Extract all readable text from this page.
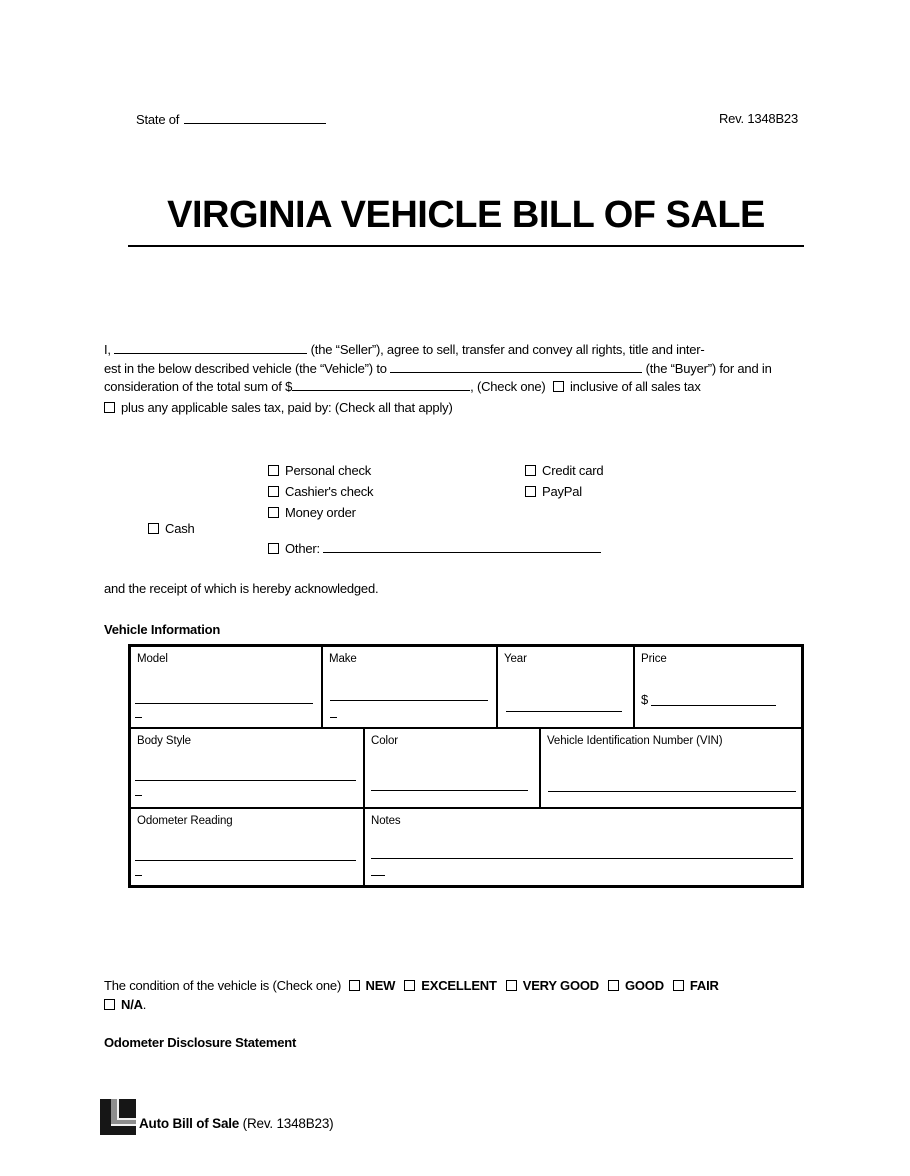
State of	Rev. 1348B23
VIRGINIA VEHICLE BILL OF SALE
I,	(the “Seller”), agree to sell, transfer and convey all rights, title and inter-
est in the below described vehicle (the “Vehicle”) to	(the “Buyer”) for and in
consideration of the total sum of $	, (Check one) inclusive of all sales tax
plus any applicable sales tax, paid by: (Check all that apply)
Cash
Personal check
Cashier's check
Money order
Other:
Credit card
PayPal
and the receipt of which is hereby acknowledged.
Vehicle Information
Model	Make	Year	Price
$
Body Style	Color	Vehicle Identification Number (VIN)
Odometer Reading	Notes
The condition of the vehicle is (Check one) NEW EXCELLENT VERY GOOD GOOD FAIR
N/A.
Odometer Disclosure Statement
Auto Bill of Sale (Rev. 1348B23)
